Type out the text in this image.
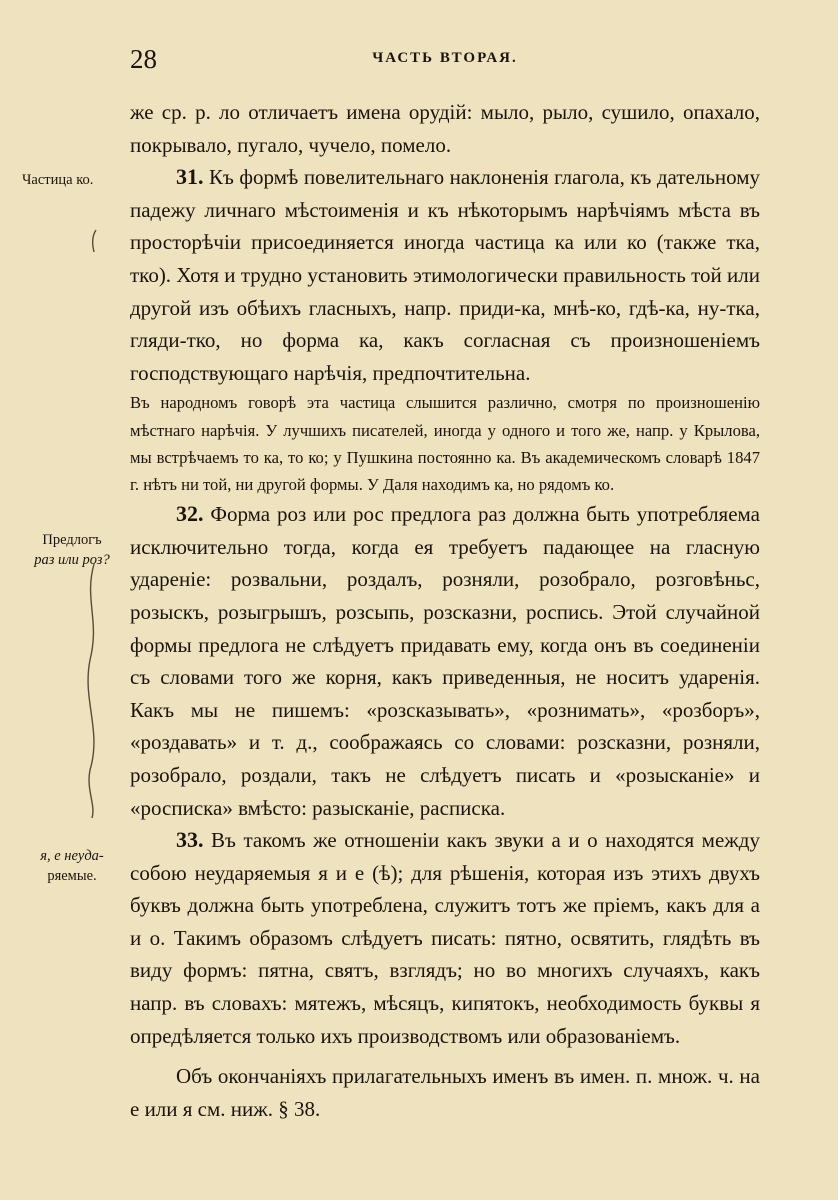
28	ЧАСТЬ ВТОРАЯ.
Частица ко.
Предлогъ
раз или роз?
я, е неуда-
ряемые.

же ср. р. ло отличаетъ имена орудій: мыло, рыло, сушило, опахало, покрывало, пугало, чучело, помело.

31. Къ формѣ повелительнаго наклоненія глагола, къ дательному падежу личнаго мѣстоименія и къ нѣкоторымъ нарѣчіямъ мѣста въ просторѣчіи присоединяется иногда частица ка или ко (также тка, тко). Хотя и трудно установить этимологически правильность той или другой изъ обѣихъ гласныхъ, напр. приди-ка, мнѣ-ко, гдѣ-ка, ну-тка, гляди-тко, но форма ка, какъ согласная съ произношеніемъ господствующаго нарѣчія, предпочтительна.

Въ народномъ говорѣ эта частица слышится различно, смотря по произношенію мѣстнаго нарѣчія. У лучшихъ писателей, иногда у одного и того же, напр. у Крылова, мы встрѣчаемъ то ка, то ко; у Пушкина постоянно ка. Въ академическомъ словарѣ 1847 г. нѣтъ ни той, ни другой формы. У Даля находимъ ка, но рядомъ ко.

32. Форма роз или рос предлога раз должна быть употребляема исключительно тогда, когда ея требуетъ падающее на гласную удареніе: розвальни, роздалъ, розняли, розобрало, розговѣньс, розыскъ, розыгрышъ, розсыпь, розсказни, роспись. Этой случайной формы предлога не слѣдуетъ придавать ему, когда онъ въ соединеніи съ словами того же корня, какъ приведенныя, не носитъ ударенія. Какъ мы не пишемъ: «розсказывать», «рознимать», «розборъ», «роздавать» и т. д., соображаясь со словами: розсказни, розняли, розобрало, роздали, такъ не слѣдуетъ писать и «розысканіе» и «росписка» вмѣсто: разысканіе, расписка.

33. Въ такомъ же отношеніи какъ звуки а и о находятся между собою неударяемыя я и е (ѣ); для рѣшенія, которая изъ этихъ двухъ буквъ должна быть употреблена, служитъ тотъ же пріемъ, какъ для а и о. Такимъ образомъ слѣдуетъ писать: пятно, освятить, глядѣть въ виду формъ: пятна, святъ, взглядъ; но во многихъ случаяхъ, какъ напр. въ словахъ: мятежъ, мѣсяцъ, кипятокъ, необходимость буквы я опредѣляется только ихъ производствомъ или образованіемъ.

Объ окончаніяхъ прилагательныхъ именъ въ имен. п. множ. ч. на е или я см. ниж. § 38.
